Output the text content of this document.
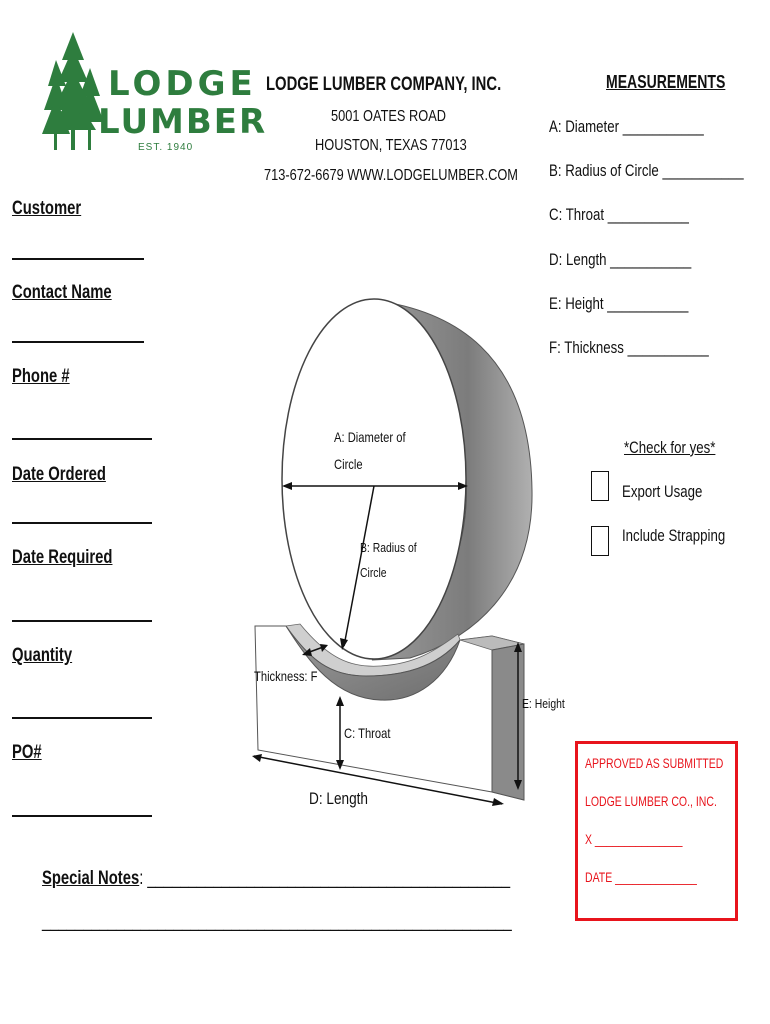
LODGE
LUMBER
EST. 1940
LODGE LUMBER COMPANY, INC.
5001 OATES ROAD
HOUSTON, TEXAS 77013
713-672-6679 WWW.LODGELUMBER.COM
Customer
Contact Name
Phone #
Date Ordered
Date Required
Quantity
PO#
MEASUREMENTS
A: Diameter ___________
B: Radius of Circle ___________
C: Throat ___________
D: Length ___________
E: Height ___________
F: Thickness ___________
*Check for yes*
Export Usage
Include Strapping
A: Diameter of
Circle
B: Radius of
Circle
Thickness: F
C: Throat
E: Height
D: Length
APPROVED AS SUBMITTED
LODGE LUMBER CO., INC.
X _______________
DATE ______________
Special Notes: ____________________________________________
_________________________________________________________
